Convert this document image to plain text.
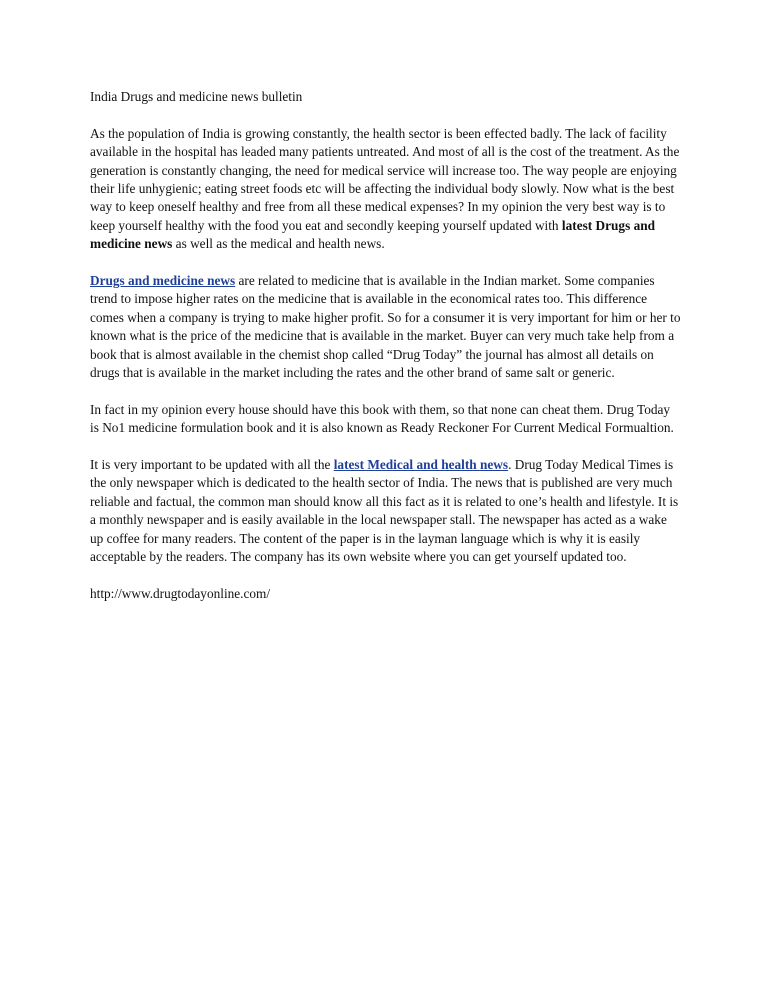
India Drugs and medicine news bulletin

As the population of India is growing constantly, the health sector is been effected badly. The lack of facility available in the hospital has leaded many patients untreated. And most of all is the cost of the treatment. As the generation is constantly changing, the need for medical service will increase too. The way people are enjoying their life unhygienic; eating street foods etc will be affecting the individual body slowly. Now what is the best way to keep oneself healthy and free from all these medical expenses? In my opinion the very best way is to keep yourself healthy with the food you eat and secondly keeping yourself updated with latest Drugs and medicine news as well as the medical and health news.

Drugs and medicine news are related to medicine that is available in the Indian market. Some companies trend to impose higher rates on the medicine that is available in the economical rates too. This difference comes when a company is trying to make higher profit. So for a consumer it is very important for him or her to known what is the price of the medicine that is available in the market. Buyer can very much take help from a book that is almost available in the chemist shop called “Drug Today” the journal has almost all details on drugs that is available in the market including the rates and the other brand of same salt or generic.

In fact in my opinion every house should have this book with them, so that none can cheat them. Drug Today is No1 medicine formulation book and it is also known as Ready Reckoner For Current Medical Formualtion.

It is very important to be updated with all the latest Medical and health news. Drug Today Medical Times is the only newspaper which is dedicated to the health sector of India. The news that is published are very much reliable and factual, the common man should know all this fact as it is related to one’s health and lifestyle. It is a monthly newspaper and is easily available in the local newspaper stall. The newspaper has acted as a wake up coffee for many readers. The content of the paper is in the layman language which is why it is easily acceptable by the readers. The company has its own website where you can get yourself updated too.

http://www.drugtodayonline.com/
